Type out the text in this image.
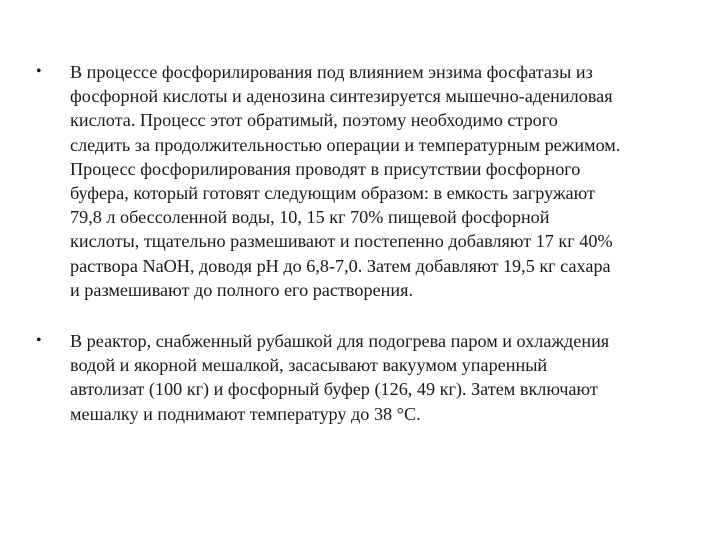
• В процессе фосфорилирования под влиянием энзима фосфатазы из
фосфорной кислоты и аденозина синтезируется мышечно-адениловая
кислота. Процесс этот обратимый, поэтому необходимо строго
следить за продолжительностью операции и температурным режимом.
Процесс фосфорилирования проводят в присутствии фосфорного
буфера, который готовят следующим образом: в емкость загружают
79,8 л обессоленной воды, 10, 15 кг 70% пищевой фосфорной
кислоты, тщательно размешивают и постепенно добавляют 17 кг 40%
раствора NaOH, доводя pH до 6,8-7,0. Затем добавляют 19,5 кг сахара
и размешивают до полного его растворения.
• В реактор, снабженный рубашкой для подогрева паром и охлаждения
водой и якорной мешалкой, засасывают вакуумом упаренный
автолизат (100 кг) и фосфорный буфер (126, 49 кг). Затем включают
мешалку и поднимают температуру до 38 °С.
